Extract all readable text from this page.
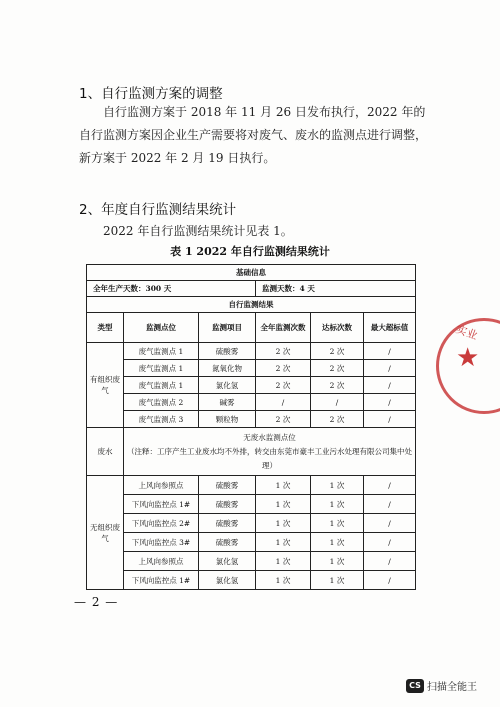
1、自行监测方案的调整
自行监测方案于 2018 年 11 月 26 日发布执行，2022 年的自行监测方案因企业生产需要将对废气、废水的监测点进行调整，新方案于 2022 年 2 月 19 日执行。
2、年度自行监测结果统计
2022 年自行监测结果统计见表 1。
表 1 2022 年自行监测结果统计
基础信息					
全年生产天数：300 天			监测天数：4 天		
自行监测结果					
类型	监测点位	监测项目	全年监测次数	达标次数	最大超标值
有组织废气	废气监测点 1	硫酸雾	2 次	2 次	/
	废气监测点 1	氮氧化物	2 次	2 次	/
	废气监测点 1	氯化氢	2 次	2 次	/
	废气监测点 2	碱雾	/	/	/
	废气监测点 3	颗粒物	2 次	2 次	/
废水	无废水监测点位
（注释：工序产生工业废水均不外排，转交由东莞市豪丰工业污水处理有限公司集中处理）				

无组织废气	上风向参照点	硫酸雾	1 次	1 次	/
	下风向监控点 1#	硫酸雾	1 次	1 次	/
	下风向监控点 2#	硫酸雾	1 次	1 次	/
	下风向监控点 3#	硫酸雾	1 次	1 次	/
	上风向参照点	氯化氢	1 次	1 次	/
	下风向监控点 1#	氯化氢	1 次	1 次	/
— 2 —
实业
★
CS 扫描全能王
